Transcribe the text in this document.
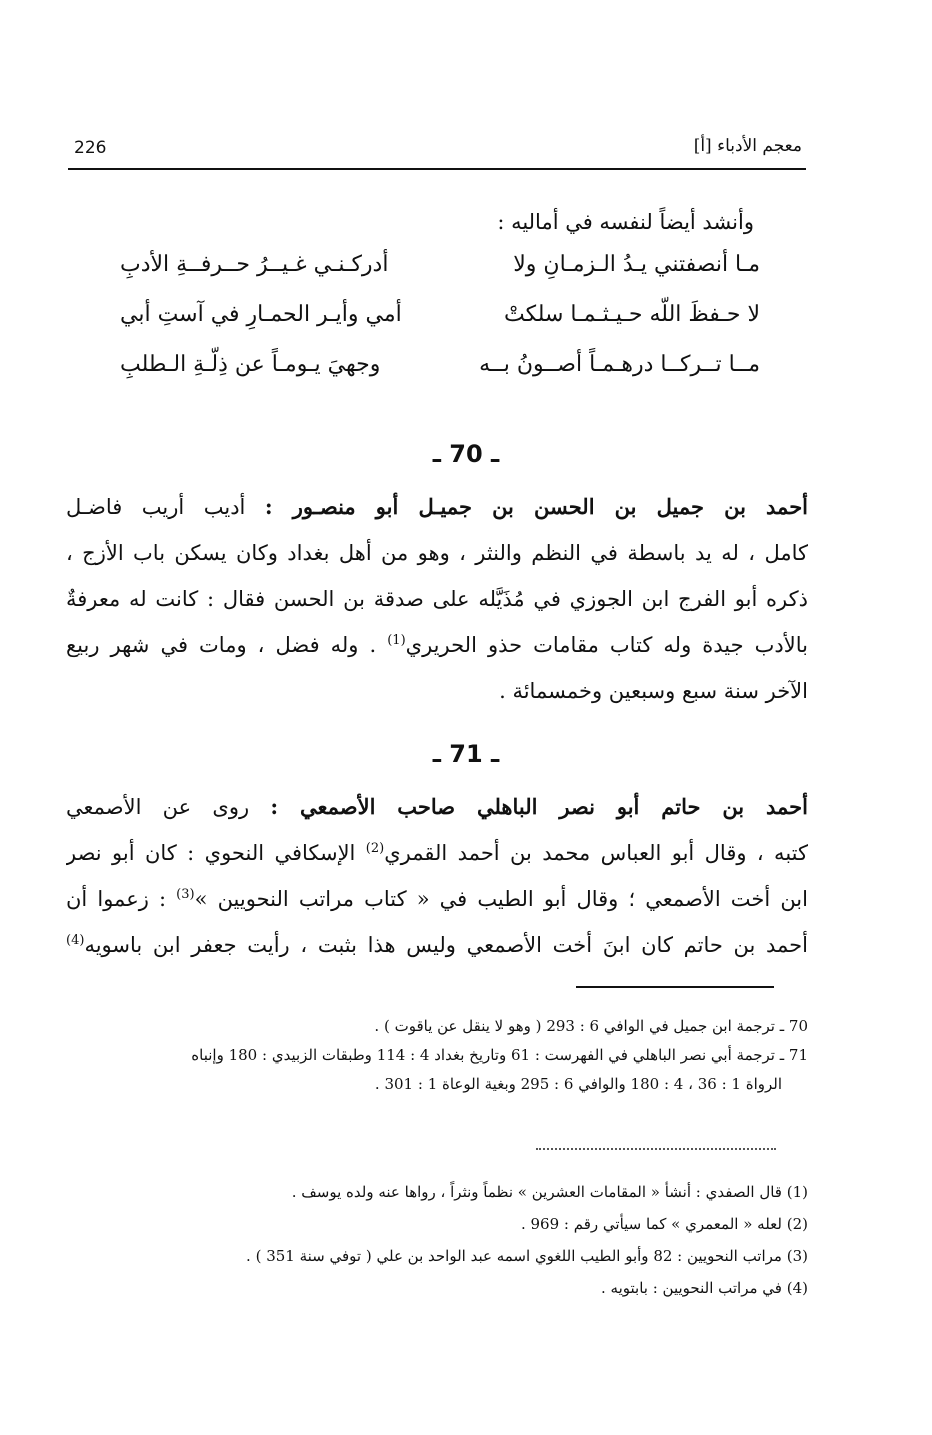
226	معجم الأدباء [أ]
وأنشد أيضاً لنفسه في أماليه :
مـا أنصفتني يـدُ الـزمـانِ ولا
أدركـنـي غـيــرُ حــرفــةِ الأدبِ
لا حـفظَ اللّه حـيـثـمـا سلكتْ
أمي وأيـر الحمـارِ في آستِ أبي
مــا تــركــا درهـمـاً أصــونُ بــه
وجهيَ يـومـاً عن ذِلّـةِ الـطلبِ
ـ 70 ـ
أحمد بن جميل بن الحسن بن جميـل أبو منصـور : أديب أريب فاضـل
كامل ، له يد باسطة في النظم والنثر ، وهو من أهل بغداد وكان يسكن باب الأزج ،
ذكره أبو الفرج ابن الجوزي في مُذَيَّله على صدقة بن الحسن فقال : كانت له معرفةٌ
بالأدب جيدة وله كتاب مقامات حذو الحريري$^{(1)}$ . وله فضل ، ومات في شهر ربيع
الآخر سنة سبع وسبعين وخمسمائة .
ـ 71 ـ
أحمد بن حاتم أبو نصر الباهلي صاحب الأصمعي : روى عن الأصمعي
كتبه ، وقال أبو العباس محمد بن أحمد القمري$^{(2)}$ الإسكافي النحوي : كان أبو نصر
ابن أخت الأصمعي ؛ وقال أبو الطيب في « كتاب مراتب النحويين »$^{(3)}$ : زعموا أن
أحمد بن حاتم كان ابنَ أخت الأصمعي وليس هذا بثبت ، رأيت جعفر ابن باسويه$^{(4)}$
70 ـ ترجمة ابن جميل في الوافي 6 : 293 ( وهو لا ينقل عن ياقوت ) .
71 ـ ترجمة أبي نصر الباهلي في الفهرست : 61 وتاريخ بغداد 4 : 114 وطبقات الزبيدي : 180 وإنباه
الرواة 1 : 36 ، 4 : 180 والوافي 6 : 295 وبغية الوعاة 1 : 301 .
(1) قال الصفدي : أنشأ « المقامات العشرين » نظماً ونثراً ، رواها عنه ولده يوسف .
(2) لعله « المعمري » كما سيأتي رقم : 969 .
(3) مراتب النحويين : 82 وأبو الطيب اللغوي اسمه عبد الواحد بن علي ( توفي سنة 351 ) .
(4) في مراتب النحويين : بابتويه .
